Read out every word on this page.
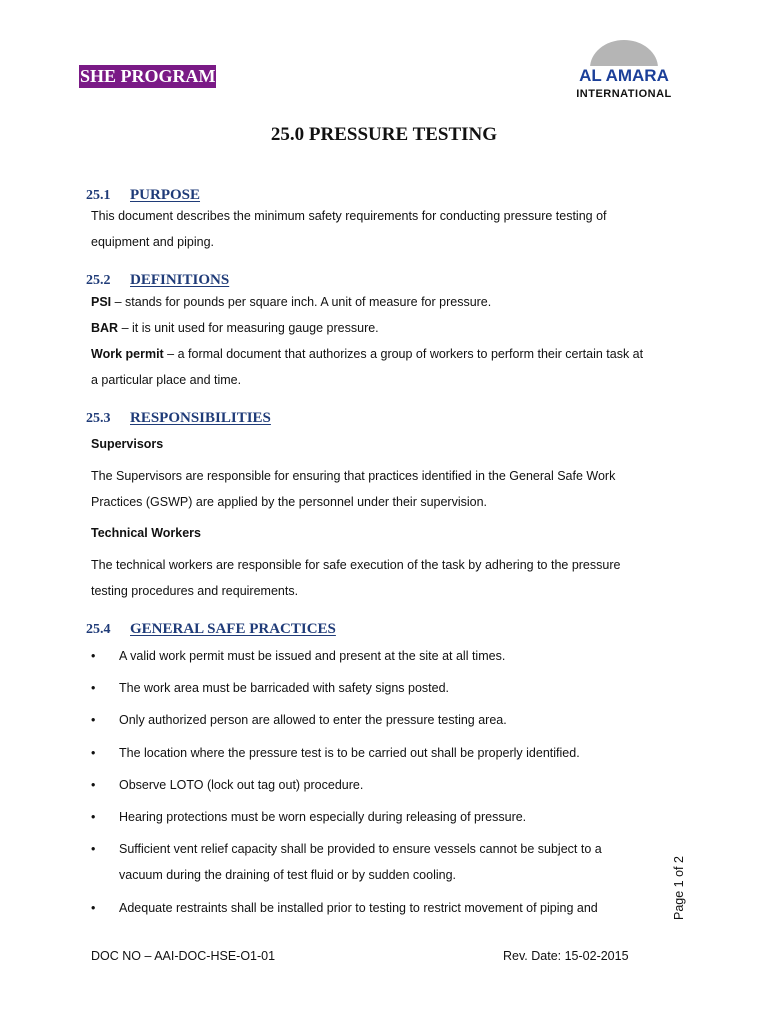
SHE PROGRAM	AL AMARA
INTERNATIONAL
25.0 PRESSURE TESTING
25.1 PURPOSE
This document describes the minimum safety requirements for conducting pressure testing of
equipment and piping.
25.2 DEFINITIONS
PSI – stands for pounds per square inch. A unit of measure for pressure.
BAR – it is unit used for measuring gauge pressure.
Work permit – a formal document that authorizes a group of workers to perform their certain task at
a particular place and time.
25.3 RESPONSIBILITIES
Supervisors
The Supervisors are responsible for ensuring that practices identified in the General Safe Work
Practices (GSWP) are applied by the personnel under their supervision.
Technical Workers
The technical workers are responsible for safe execution of the task by adhering to the pressure
testing procedures and requirements.
25.4 GENERAL SAFE PRACTICES
• A valid work permit must be issued and present at the site at all times.
• The work area must be barricaded with safety signs posted.
• Only authorized person are allowed to enter the pressure testing area.
• The location where the pressure test is to be carried out shall be properly identified.
• Observe LOTO (lock out tag out) procedure.
• Hearing protections must be worn especially during releasing of pressure.
• Sufficient vent relief capacity shall be provided to ensure vessels cannot be subject to a
vacuum during the draining of test fluid or by sudden cooling.
• Adequate restraints shall be installed prior to testing to restrict movement of piping and	Page 1 of 2
DOC NO – AAI-DOC-HSE-O1-01	Rev. Date: 15-02-2015
